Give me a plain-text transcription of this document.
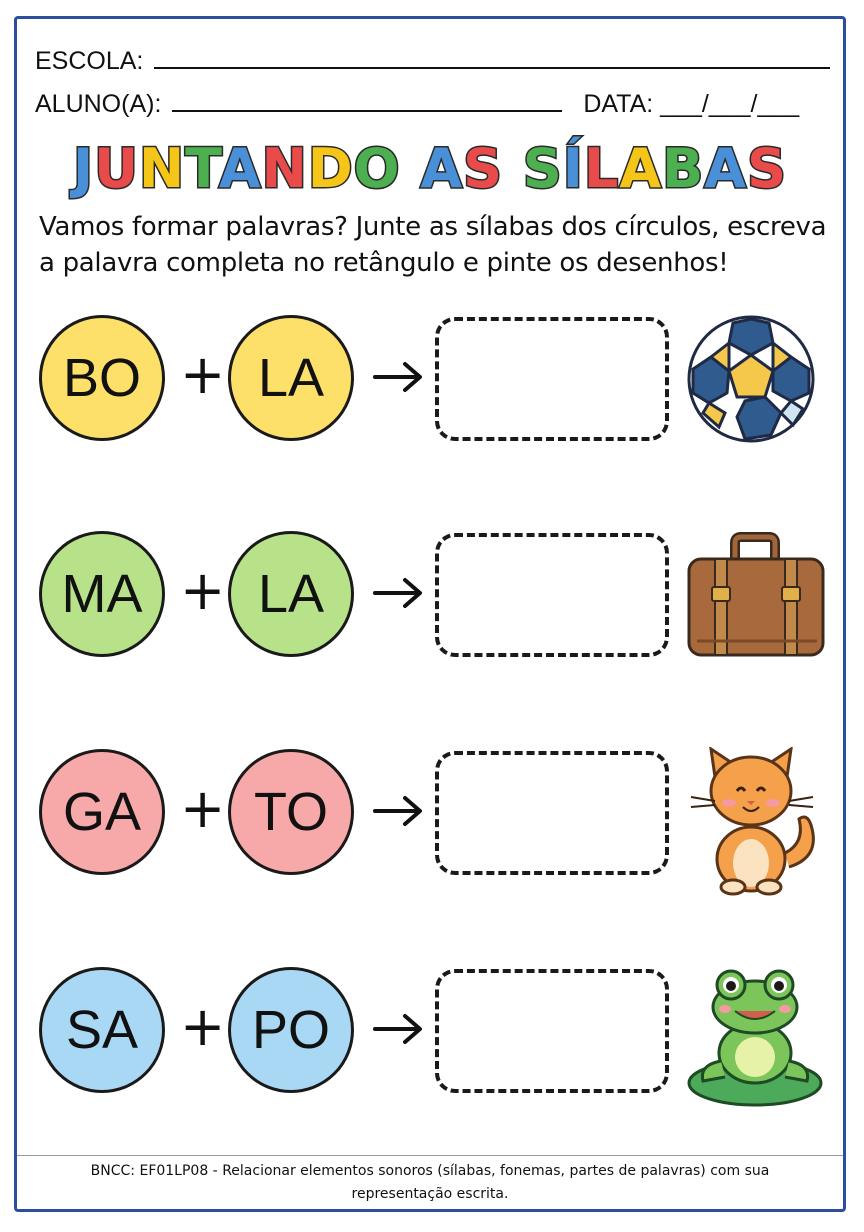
ESCOLA:
ALUNO(A):	DATA: ___/___/___
JUNTANDO AS SÍLABAS
Vamos formar palavras? Junte as sílabas dos círculos, escreva a palavra completa no retângulo e pinte os desenhos!
BO + LA
MA + LA
GA + TO
SA + PO
BNCC: EF01LP08 - Relacionar elementos sonoros (sílabas, fonemas, partes de palavras) com sua
representação escrita.
